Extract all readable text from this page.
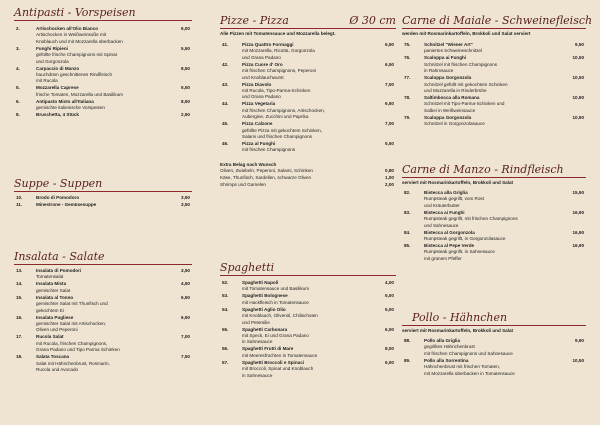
Antipasti - Vorspeisen
2.	Artischocken all'Olio Bianco	6,00
Artischocken in Weißweinsoße mit
Knoblauch und mit Mozzarella überbacken
3.	Funghi Ripieni	5,50
gefüllte frische Champignons mit Spinat
und Gorgonzola
4.	Carpaccio di Manzo	8,50
hauchdünn geschnittenes Rindfleisch
mit Rucola
5.	Mozzarella Caprese	5,50
frische Tomaten, Mozzarella und Basilikum
6.	Antipasto Misto all'Italiana	8,50
gemischte italienische Vorspeisen
8.	Bruschetta, 4 Stück	2,50
Suppe - Suppen
10.	Brodo di Pomodoro	3,50
11.	Minestrone - Gemüsesuppe	3,50
Insalata - Salate
13.	Insalata di Pomodori	3,50
Tomatensalat
14.	Insalata Mista	4,50
gemischter Salat
15.	Insalata al Tonno	6,50
gemischter Salat mit Thunfisch und
gekochtem Ei
16.	Insalata Pugliese	6,50
gemischter Salat mit Artischocken,
Oliven und Peperoni
17.	Rucola Salat	7,00
mit Rucola, frischen Champignons,
Grana Padano und Tipo Parma Schinken
18.	Salata Toscana	7,50
Salat mit Hähnchenbrust, Rosmarin,
Rucola und Avocado
Pizze - Pizza	Ø 30 cm
Alle Pizzen mit Tomatensauce und Mozzarella belegt.
41.	Pizza Quattro Formaggi	6,50
mit Mozzarella, Ricotta, Gorgonzola
und Grana Padano
42.	Pizza Cuore d' Oro	6,50
mit frischen Champignons, Peperoni
und Knoblauchwurst
43.	Pizza Diavolo	7,00
mit Rucola, Tipo-Parma-Schinken
und Grana Padano
44.	Pizza Vegetaria	6,50
mit frischen Champignons, Artischocken,
Aubergine, Zucchini und Paprika
45.	Pizza Calzone	7,00
gefüllte Pizza mit gekochtem Schinken,
Salami und frischen Champignons
46.	Pizza al Funghi	5,50
mit frischen Champignons
Extra Belag nach Wunsch
Oliven, Zwiebeln, Peperoni, Salami, Schinken	0,80
Käse, Thunfisch, Sardellen, schwarze Oliven	1,00
Shrimps und Garnelen	2,00
Spaghetti
52.	Spaghetti Napoli	4,00
mit Tomatensauce und Basilikum
53.	Spaghetti Bolognese	5,00
mit Hackfleisch in Tomatensauce
54.	Spaghetti Aglio Olio	5,00
mit Knoblauch, Olivenöl, Chilischoten
und Petersilie
55.	Spaghetti Carbonara	6,00
mit Speck, Ei und Grana Padano
in Sahnesauce
56.	Spaghetti Frutti di Mare	8,00
mit Meeresfrüchten in Tomatensauce
57.	Spaghetti Broccoli e Spinaci	6,00
mit Broccoli, Spinat und Knoblauch
in Sahnesauce
Carne di Maiale - Schweinefleisch
werden mit Rosmarinkartoffeln, Brokkoli und Salat serviert
75.	Schnitzel "Wiener Art"	9,50
paniertes Schweineschnitzel
76.	Scaloppa ai Funghi	10,50
Schnitzel mit frischen Champignons
in Rahmsauce
77.	Scaloppa Gorgonzola	10,50
Schnitzel gefüllt mit gekochtem Schinken
und Mozzarella in Rinderbrühe
78.	Saltimbocca alla Romana	10,90
Schnitzel mit Tipo-Parma-Schinken und
Salbei in Weißweinsauce
79.	Scaloppa Gorgonzola	10,90
Schnitzel in Gorgonzolasauce
Carne di Manzo - Rindfleisch
serviert mit Rosmarinkartoffeln, Brokkoli und Salat
82.	Bistecca alla Griglia	15,90
Rumpsteak gegrillt, vom Rost
und Kräuterbutter
83.	Bistecca ai Funghi	16,90
Rumpsteak gegrillt, mit frischen Champignons
und Sahnesauce
84.	Bistecca al Gorgonzola	16,90
Rumpsteak gegrillt, in Gorgonzolasauce
85.	Bistecca al Pepe Verde	16,90
Rumpsteak gegrillt, in Sahnesauce
mit grünem Pfeffer
Pollo - Hähnchen
serviert mit Rosmarinkartoffeln, Brokkoli und Salat
88.	Pollo alla Griglia	9,90
gegrilltes Hähnchenbrust
mit frischen Champignons und Sahnesauce
89.	Pollo alla Sorrentina	10,50
Hähnchenbrust mit frischen Tomaten,
mit Mozzarella überbacken in Tomatensauce
